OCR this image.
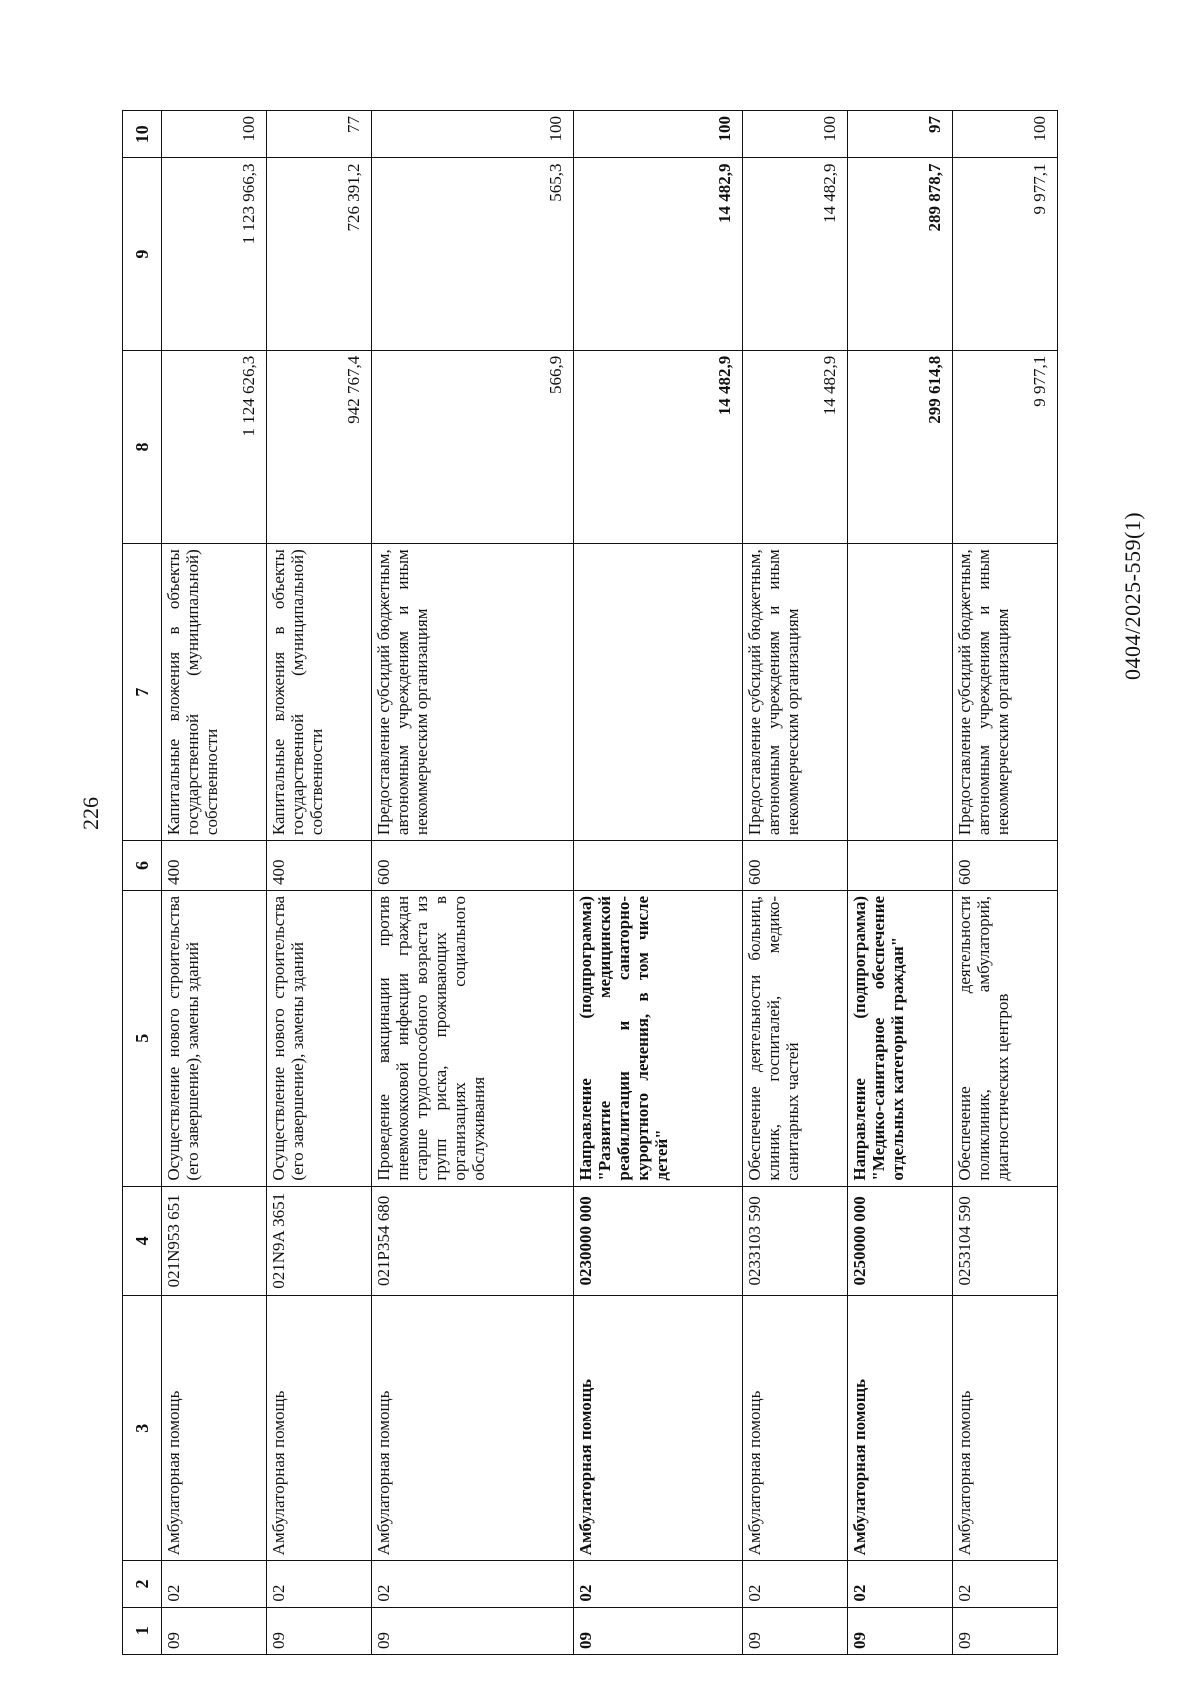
226
0404/2025-559(1)
1	2	3	4	5	6	7	8	9	10
09	02	Амбулаторная помощь	021N953 651	Осуществление нового строительства (его завершение), замены зданий	400	Капитальные вложения в объекты государственной (муниципальной) собственности	1 124 626,3	1 123 966,3	100
09	02	Амбулаторная помощь	021N9A 3651	Осуществление нового строительства (его завершение), замены зданий	400	Капитальные вложения в объекты государственной (муниципальной) собственности	942 767,4	726 391,2	77
09	02	Амбулаторная помощь	021P354 680	Проведение вакцинации против пневмококковой инфекции граждан старше трудоспособного возраста из групп риска, проживающих в организациях социального обслуживания	600	Предоставление субсидий бюджетным, автономным учреждениям и иным некоммерческим организациям	566,9	565,3	100
09	02	Амбулаторная помощь	0230000 000	Направление (подпрограмма) "Развитие медицинской реабилитации и санаторно-курортного лечения, в том числе детей"			14 482,9	14 482,9	100
09	02	Амбулаторная помощь	0233103 590	Обеспечение деятельности больниц, клиник, госпиталей, медико-санитарных частей	600	Предоставление субсидий бюджетным, автономным учреждениям и иным некоммерческим организациям	14 482,9	14 482,9	100
09	02	Амбулаторная помощь	0250000 000	Направление (подпрограмма) "Медико-санитарное обеспечение отдельных категорий граждан"			299 614,8	289 878,7	97
09	02	Амбулаторная помощь	0253104 590	Обеспечение деятельности поликлиник, амбулаторий, диагностических центров	600	Предоставление субсидий бюджетным, автономным учреждениям и иным некоммерческим организациям	9 977,1	9 977,1	100
